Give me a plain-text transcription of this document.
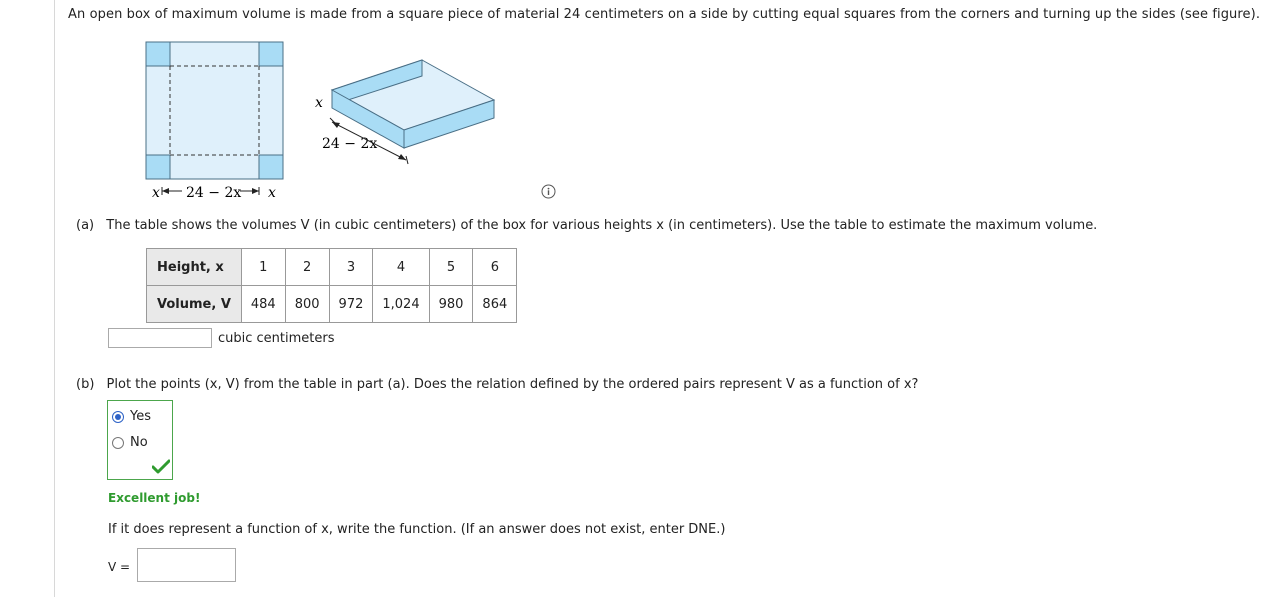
An open box of maximum volume is made from a square piece of material 24 centimeters on a side by cutting equal squares from the corners and turning up the sides (see figure).
x 24 − 2x x
x
24 − 2x
(a) The table shows the volumes V (in cubic centimeters) of the box for various heights x (in centimeters). Use the table to estimate the maximum volume.
Height, x	1	2	3	4	5	6
Volume, V	484	800	972	1,024	980	864
cubic centimeters
(b) Plot the points (x, V) from the table in part (a). Does the relation defined by the ordered pairs represent V as a function of x?
Yes
No
Excellent job!
If it does represent a function of x, write the function. (If an answer does not exist, enter DNE.)
V =
